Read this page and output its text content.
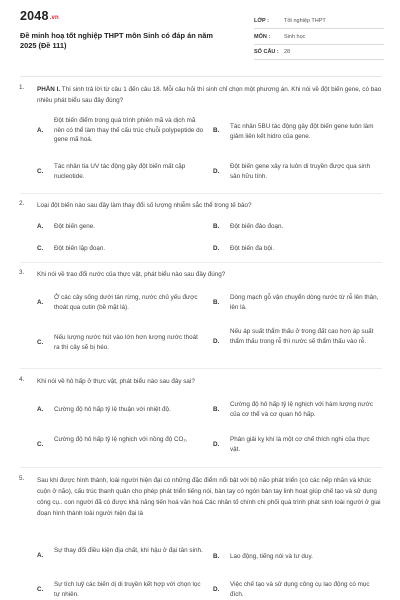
2048.vn
Đề minh hoạ tốt nghiệp THPT môn Sinh có đáp án năm 2025 (Đề 111)
LỚP :	Tốt nghiệp THPT
MÔN :	Sinh học
SỐ CÂU : 28
1. PHẦN I. Thí sinh trả lời từ câu 1 đến câu 18. Mỗi câu hỏi thí sinh chỉ chọn một phương án. Khi nói về đột biến gene, có bao nhiêu phát biểu sau đây đúng?
A.
Đột biến điểm trong quá trình phiên mã và dịch mã nên có thể làm thay thế cấu trúc chuỗi polypeptide do gene mã hoá.
B.
Tác nhân 5BU tác động gây đột biến gene luôn làm giảm liên kết hidro của gene.
C.
Tác nhân tia UV tác động gây đột biến mất cặp nucleotide.
D.
Đột biến gene xảy ra luôn di truyền được qua sinh sản hữu tính.
2. Loại đột biến nào sau đây làm thay đổi số lượng nhiễm sắc thể trong tế bào?
A. Đột biến gene.	B. Đột biến đảo đoạn.
C. Đột biến lặp đoạn.	D. Đột biến đa bội.
3. Khi nói về trao đổi nước của thực vật, phát biểu nào sau đây đúng?
A.
Ở các cây sống dưới tán rừng, nước chủ yếu được thoát qua cutin (bề mặt lá).
B.
Dòng mạch gỗ vận chuyển dòng nước từ rễ lên thân, lên lá.
C.
Nếu lượng nước hút vào lớn hơn lượng nước thoát ra thì cây sẽ bị héo.
D.
Nếu áp suất thẩm thấu ở trong đất cao hơn áp suất thẩm thấu trong rễ thì nước sẽ thẩm thấu vào rễ.
4. Khi nói về hô hấp ở thực vật, phát biểu nào sau đây sai?
A. Cường độ hô hấp tỷ lệ thuận với nhiệt độ.	B.
Cường độ hô hấp tỷ lệ nghịch với hàm lượng nước của cơ thể và cơ quan hô hấp.
C.
Cường độ hô hấp tỷ lệ nghịch với nồng độ CO₂.
D.
Phân giải kỵ khí là một cơ chế thích nghi của thực vật.
5. Sau khi được hình thành, loài người hiện đại có những đặc điểm nổi bật với bộ não phát triển (có các nếp nhăn và khúc cuộn ở não), cấu trúc thanh quản cho phép phát triển tiếng nói, bàn tay có ngón bàn tay linh hoạt giúp chế tạo và sử dụng công cụ.. con người đã có được khả năng tiến hoá văn hoá Các nhân tố chính chi phối quá trình phát sinh loài người ở giai đoạn hình thành loài người hiện đại là
A.
Sự thay đổi điều kiện địa chất, khí hậu ở đại tân sinh.
B. Lao động, tiếng nói và tư duy.
C.
Sự tích luỹ các biến dị di truyền kết hợp với chọn lọc tự nhiên.
D.
Việc chế tạo và sử dụng công cụ lao động có mục đích.
